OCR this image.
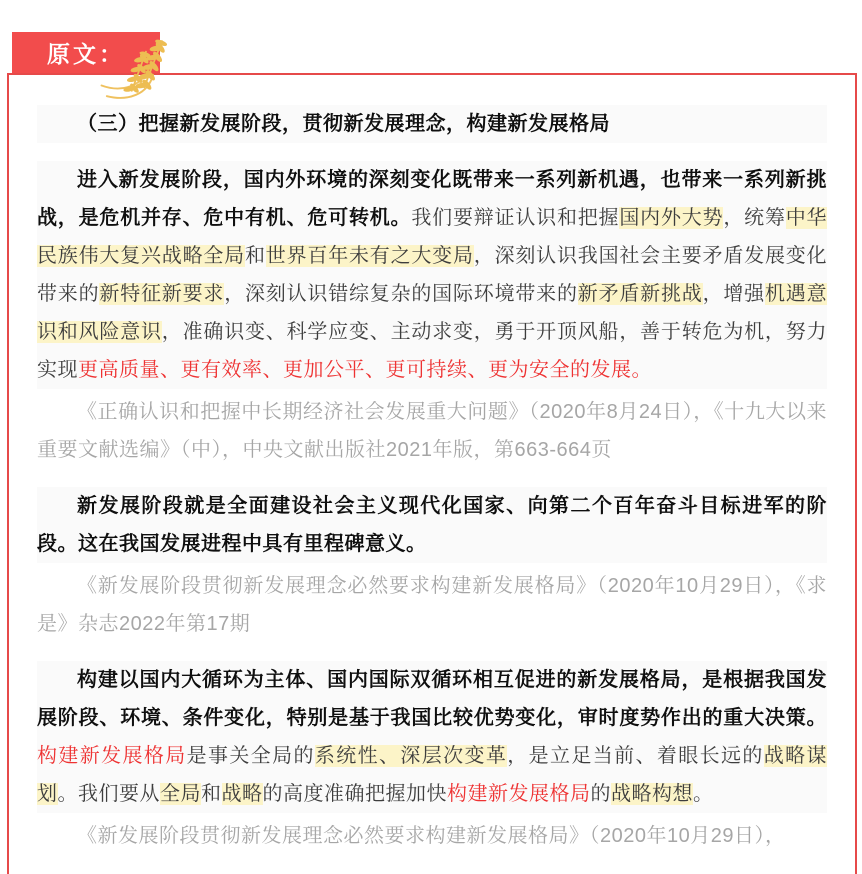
原文：
（三）把握新发展阶段，贯彻新发展理念，构建新发展格局
进入新发展阶段，国内外环境的深刻变化既带来一系列新机遇，也带来一系列新挑战，是危机并存、危中有机、危可转机。我们要辩证认识和把握国内外大势，统筹中华民族伟大复兴战略全局和世界百年未有之大变局，深刻认识我国社会主要矛盾发展变化带来的新特征新要求，深刻认识错综复杂的国际环境带来的新矛盾新挑战，增强机遇意识和风险意识，准确识变、科学应变、主动求变，勇于开顶风船，善于转危为机，努力实现更高质量、更有效率、更加公平、更可持续、更为安全的发展。
《正确认识和把握中长期经济社会发展重大问题》（2020年8月24日），《十九大以来重要文献选编》（中），中央文献出版社2021年版，第663-664页
新发展阶段就是全面建设社会主义现代化国家、向第二个百年奋斗目标进军的阶段。这在我国发展进程中具有里程碑意义。
《新发展阶段贯彻新发展理念必然要求构建新发展格局》（2020年10月29日），《求是》杂志2022年第17期
构建以国内大循环为主体、国内国际双循环相互促进的新发展格局，是根据我国发展阶段、环境、条件变化，特别是基于我国比较优势变化，审时度势作出的重大决策。构建新发展格局是事关全局的系统性、深层次变革，是立足当前、着眼长远的战略谋划。我们要从全局和战略的高度准确把握加快构建新发展格局的战略构想。
《新发展阶段贯彻新发展理念必然要求构建新发展格局》（2020年10月29日），
